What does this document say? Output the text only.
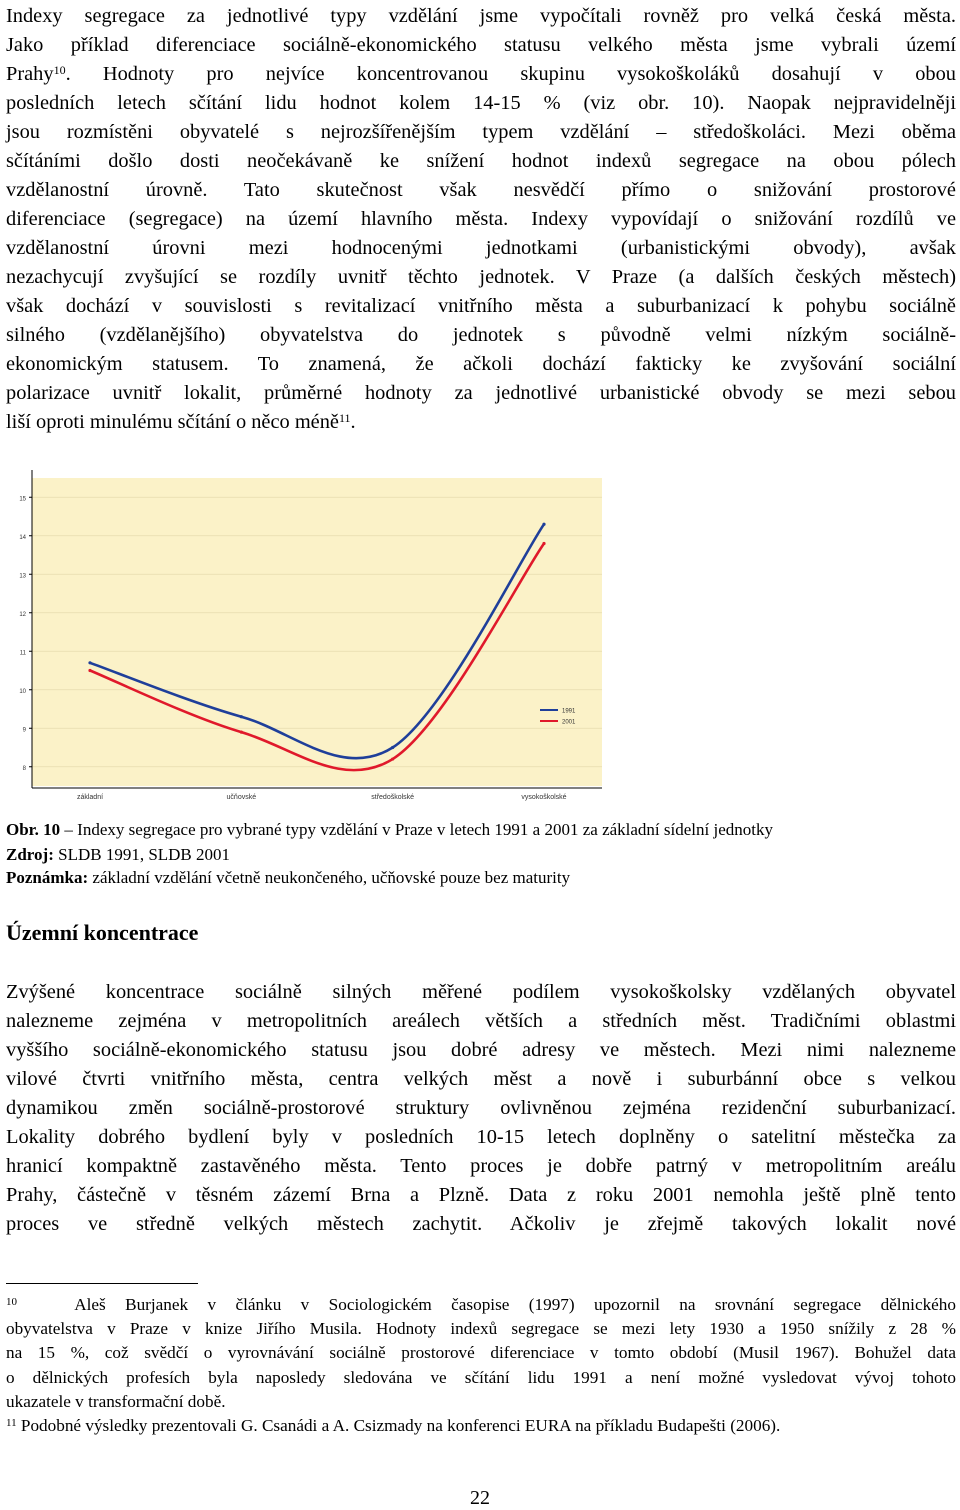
Indexy segregace za jednotlivé typy vzdělání jsme vypočítali rovněž pro velká česká města.
Jako příklad diferenciace sociálně-ekonomického statusu velkého města jsme vybrali území
Prahy$^{10}$. Hodnoty pro nejvíce koncentrovanou skupinu vysokoškoláků dosahují v obou
posledních letech sčítání lidu hodnot kolem 14-15 % (viz obr. 10). Naopak nejpravidelněji
jsou rozmístěni obyvatelé s nejrozšířenějším typem vzdělání – středoškoláci. Mezi oběma
sčítáními došlo dosti neočekávaně ke snížení hodnot indexů segregace na obou pólech
vzdělanostní úrovně. Tato skutečnost však nesvědčí přímo o snižování prostorové
diferenciace (segregace) na území hlavního města. Indexy vypovídají o snižování rozdílů ve
vzdělanostní úrovni mezi hodnocenými jednotkami (urbanistickými obvody), avšak
nezachycují zvyšující se rozdíly uvnitř těchto jednotek. V Praze (a dalších českých městech)
však dochází v souvislosti s revitalizací vnitřního města a suburbanizací k pohybu sociálně
silného (vzdělanějšího) obyvatelstva do jednotek s původně velmi nízkým sociálně-
ekonomickým statusem. To znamená, že ačkoli dochází fakticky ke zvyšování sociální
polarizace uvnitř lokalit, průměrné hodnoty za jednotlivé urbanistické obvody se mezi sebou
liší oproti minulému sčítání o něco méně$^{11}$.
15
14
13
12
11
10
9
8
základní	učňovské	středoškolské	vysokoškolské
1991
2001
Obr. 10 – Indexy segregace pro vybrané typy vzdělání v Praze v letech 1991 a 2001 za základní sídelní jednotky
Zdroj: SLDB 1991, SLDB 2001
Poznámka: základní vzdělání včetně neukončeného, učňovské pouze bez maturity
Územní koncentrace
Zvýšené koncentrace sociálně silných měřené podílem vysokoškolsky vzdělaných obyvatel
nalezneme zejména v metropolitních areálech větších a středních měst. Tradičními oblastmi
vyššího sociálně-ekonomického statusu jsou dobré adresy ve městech. Mezi nimi nalezneme
vilové čtvrti vnitřního města, centra velkých měst a nově i suburbánní obce s velkou
dynamikou změn sociálně-prostorové struktury ovlivněnou zejména rezidenční suburbanizací.
Lokality dobrého bydlení byly v posledních 10-15 letech doplněny o satelitní městečka za
hranicí kompaktně zastavěného města. Tento proces je dobře patrný v metropolitním areálu
Prahy, částečně v těsném zázemí Brna a Plzně. Data z roku 2001 nemohla ještě plně tento
proces ve středně velkých městech zachytit. Ačkoliv je zřejmě takových lokalit nové
$^{10}$	Aleš Burjanek v článku v Sociologickém časopise (1997) upozornil na srovnání segregace dělnického
obyvatelstva v Praze v knize Jiřího Musila. Hodnoty indexů segregace se mezi lety 1930 a 1950 snížily z 28 %
na 15 %, což svědčí o vyrovnávání sociálně prostorové diferenciace v tomto období (Musil 1967). Bohužel data
o dělnických profesích byla naposledy sledována ve sčítání lidu 1991 a není možné vysledovat vývoj tohoto
ukazatele v transformační době.
$^{11}$ Podobné výsledky prezentovali G. Csanádi a A. Csizmady na konferenci EURA na příkladu Budapešti (2006).
22
